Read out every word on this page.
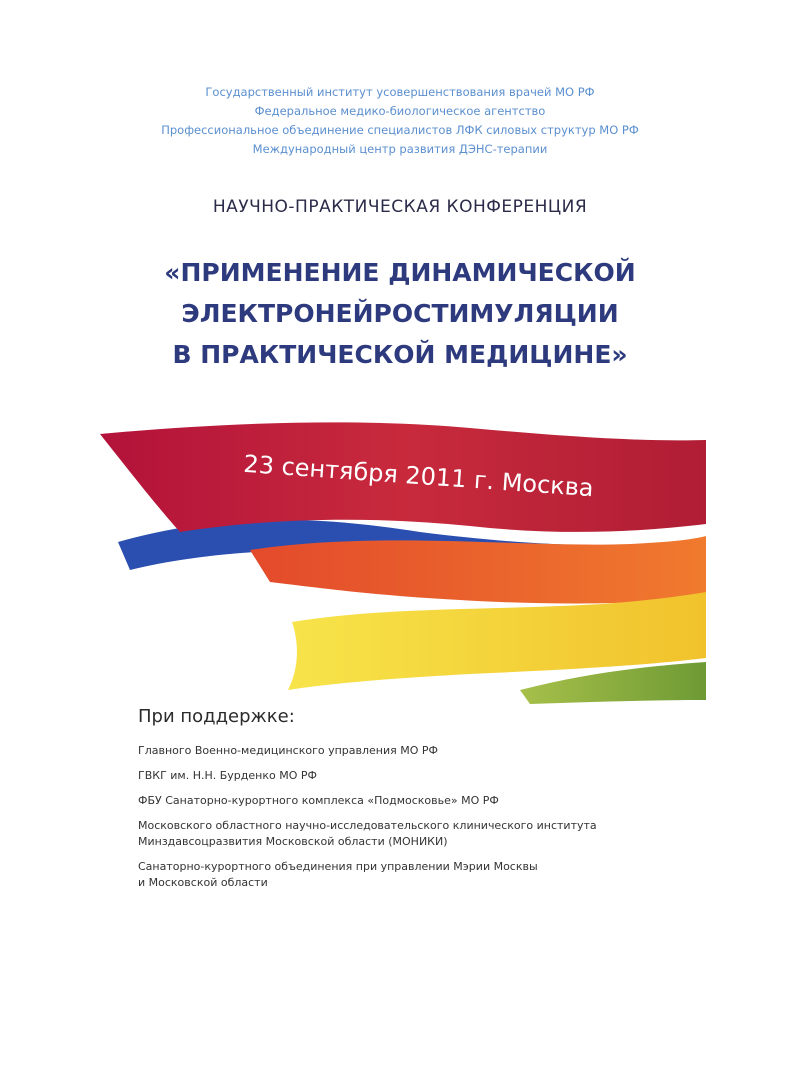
Государственный институт усовершенствования врачей МО РФ
Федеральное медико-биологическое агентство
Профессиональное объединение специалистов ЛФК силовых структур МО РФ
Международный центр развития ДЭНС-терапии
НАУЧНО-ПРАКТИЧЕСКАЯ КОНФЕРЕНЦИЯ
«ПРИМЕНЕНИЕ ДИНАМИЧЕСКОЙ
ЭЛЕКТРОНЕЙРОСТИМУЛЯЦИИ
В ПРАКТИЧЕСКОЙ МЕДИЦИНЕ»
23 сентября 2011 г. Москва
При поддержке:
Главного Военно-медицинского управления МО РФ
ГВКГ им. Н.Н. Бурденко МО РФ
ФБУ Санаторно-курортного комплекса «Подмосковье» МО РФ
Московского областного научно-исследовательского клинического института
Минздавсоцразвития Московской области (МОНИКИ)
Санаторно-курортного объединения при управлении Мэрии Москвы
и Московской области
